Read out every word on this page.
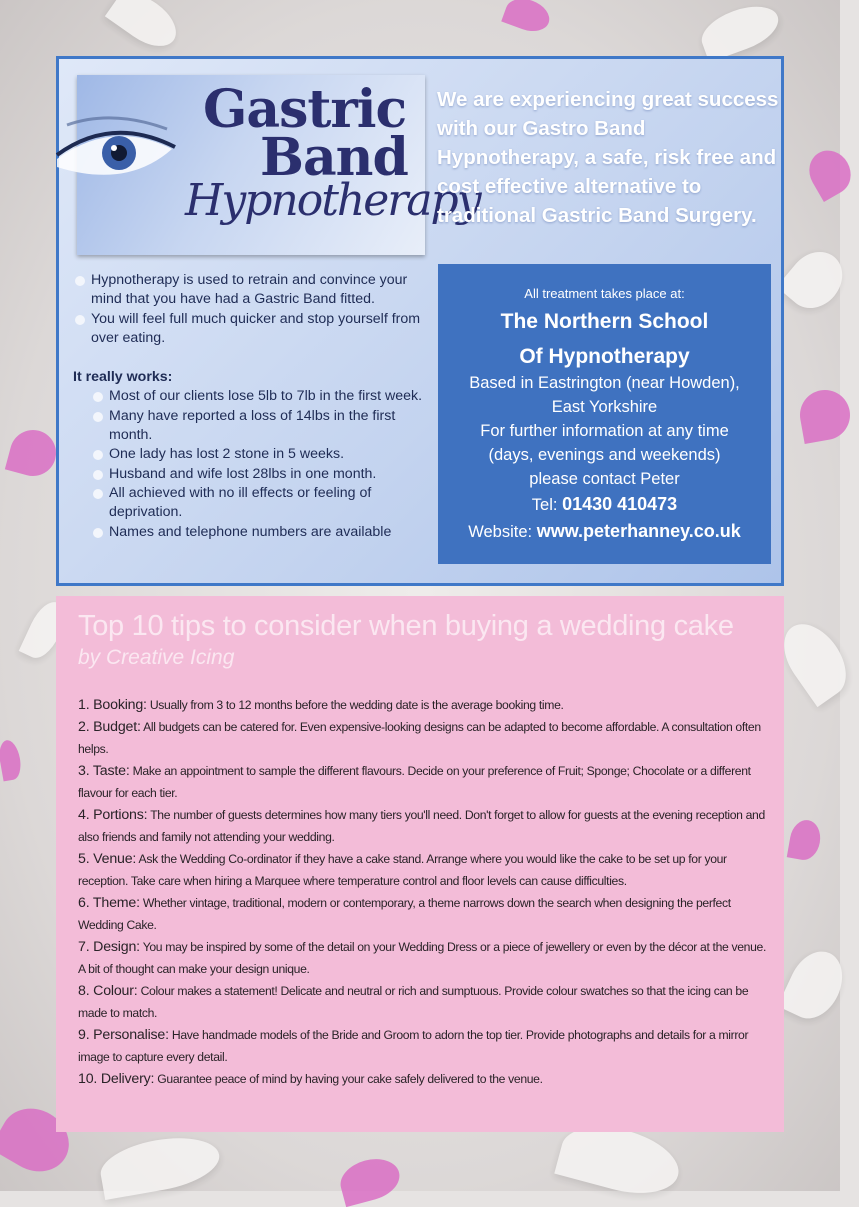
Gastric
Band
Hypnotherapy
We are experiencing great success with our Gastro Band Hypnotherapy, a safe, risk free and cost effective alternative to traditional Gastric Band Surgery.
Hypnotherapy is used to retrain and convince your mind that you have had a Gastric Band fitted.
You will feel full much quicker and stop yourself from over eating.
It really works:
Most of our clients lose 5lb to 7lb in the first week.
Many have reported a loss of 14lbs in the first month.
One lady has lost 2 stone in 5 weeks.
Husband and wife lost 28lbs in one month.
All achieved with no ill effects or feeling of deprivation.
Names and telephone numbers are available
All treatment takes place at:
The Northern School
Of Hypnotherapy
Based in Eastrington (near Howden),
East Yorkshire
For further information at any time
(days, evenings and weekends)
please contact Peter
Tel: 01430 410473
Website: www.peterhanney.co.uk
Top 10 tips to consider when buying a wedding cake
by Creative Icing

1. Booking: Usually from 3 to 12 months before the wedding date is the average booking time.

2. Budget: All budgets can be catered for. Even expensive-looking designs can be adapted to become affordable. A consultation often helps.

3. Taste: Make an appointment to sample the different flavours. Decide on your preference of Fruit; Sponge; Chocolate or a different flavour for each tier.

4. Portions: The number of guests determines how many tiers you'll need. Don't forget to allow for guests at the evening reception and also friends and family not attending your wedding.

5. Venue: Ask the Wedding Co-ordinator if they have a cake stand. Arrange where you would like the cake to be set up for your reception. Take care when hiring a Marquee where temperature control and floor levels can cause difficulties.

6. Theme: Whether vintage, traditional, modern or contemporary, a theme narrows down the search when designing the perfect Wedding Cake.

7. Design: You may be inspired by some of the detail on your Wedding Dress or a piece of jewellery or even by the décor at the venue. A bit of thought can make your design unique.

8. Colour: Colour makes a statement! Delicate and neutral or rich and sumptuous. Provide colour swatches so that the icing can be made to match.

9. Personalise: Have handmade models of the Bride and Groom to adorn the top tier. Provide photographs and details for a mirror image to capture every detail.

10. Delivery: Guarantee peace of mind by having your cake safely delivered to the venue.
